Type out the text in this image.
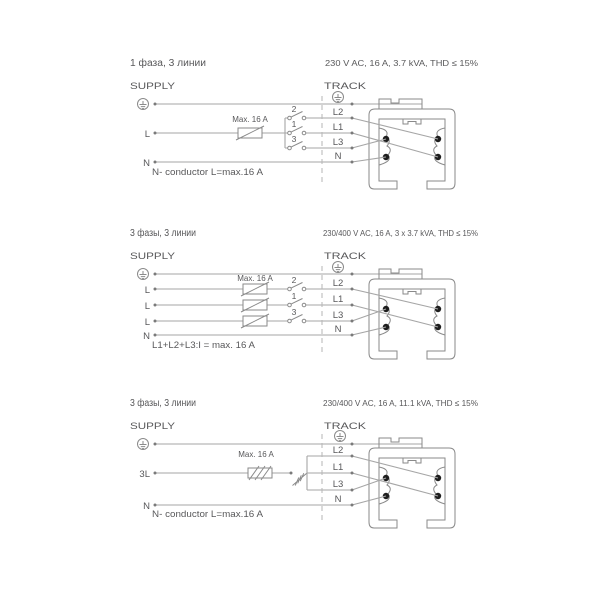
1 фаза, 3 линии	230 V AC, 16 A, 3.7 kVA, THD ≤ 15%
SUPPLY	TRACK
L
N
Max. 16 A
2
1
3
L2
L1
L3
N
N- conductor L=max.16 A
3 фазы, 3 линии	230/400 V AC, 16 A, 3 x 3.7 kVA, THD ≤ 15%
SUPPLY	TRACK
L
L
L
N
Max. 16 A 2
1
3
L2
L1
L3
N
L1+L2+L3:I = max. 16 A
3 фазы, 3 линии	230/400 V AC, 16 A, 11.1 kVA, THD ≤ 15%
SUPPLY	TRACK
3L
N
Max. 16 A	L2
L1
L3
N
N- conductor L=max.16 A
